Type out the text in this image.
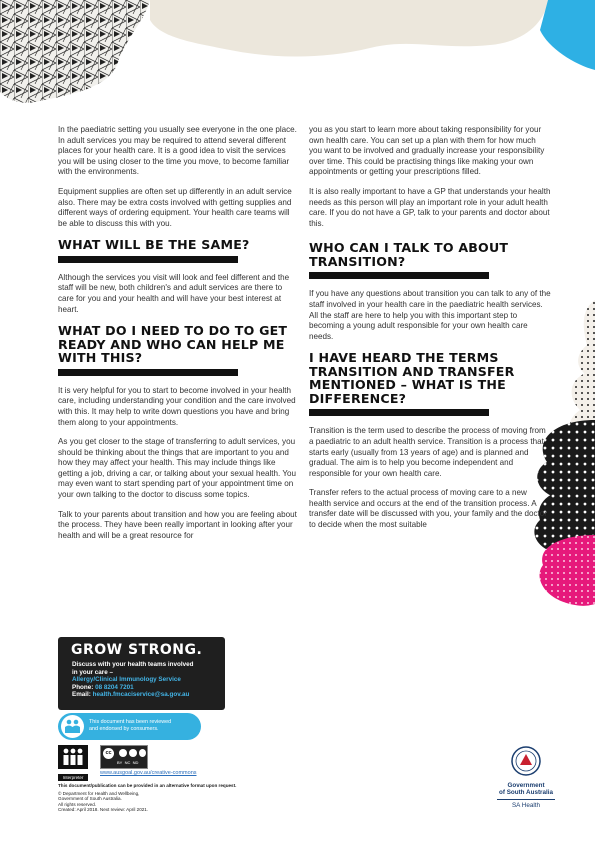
In the paediatric setting you usually see everyone in the one place. In adult services you may be required to attend several different places for your health care. It is a good idea to visit the services you will be using closer to the time you move, to become familiar with the environments.

Equipment supplies are often set up differently in an adult service also. There may be extra costs involved with getting supplies and different ways of ordering equipment. Your health care teams will be able to discuss this with you.

WHAT WILL BE THE SAME?

Although the services you visit will look and feel different and the staff will be new, both children's and adult services are there to care for you and your health and will have your best interest at heart.

WHAT DO I NEED TO DO TO GET READY AND WHO CAN HELP ME WITH THIS?

It is very helpful for you to start to become involved in your health care, including understanding your condition and the care involved with this. It may help to write down questions you have and bring them along to your appointments.

As you get closer to the stage of transferring to adult services, you should be thinking about the things that are important to you and how they may affect your health. This may include things like getting a job, driving a car, or talking about your sexual health. You may even want to start spending part of your appointment time on your own talking to the doctor to discuss some topics.

Talk to your parents about transition and how you are feeling about the process. They have been really important in looking after your health and will be a great resource for

you as you start to learn more about taking responsibility for your own health care. You can set up a plan with them for how much you want to be involved and gradually increase your responsibility over time. This could be practising things like making your own appointments or getting your prescriptions filled.

It is also really important to have a GP that understands your health needs as this person will play an important role in your adult health care. If you do not have a GP, talk to your parents and doctor about this.

WHO CAN I TALK TO ABOUT TRANSITION?

If you have any questions about transition you can talk to any of the staff involved in your health care in the paediatric health services. All the staff are here to help you with this important step to becoming a young adult responsible for your own health care needs.

I HAVE HEARD THE TERMS TRANSITION AND TRANSFER MENTIONED – WHAT IS THE DIFFERENCE?

Transition is the term used to describe the process of moving from a paediatric to an adult health service. Transition is a process that starts early (usually from 13 years of age) and is planned and gradual. The aim is to help you become independent and responsible for your own health care.

Transfer refers to the actual process of moving care to a new health service and occurs at the end of the transition process. A transfer date will be discussed with you, your family and the doctor to decide when the most suitable

GROW STRONG.
Discuss with your health teams involved
in your care –
Allergy/Clinical Immunology Service
Phone: 08 8204 7201
Email: health.fmcaciservice@sa.gov.au
This document has been reviewed
and endorsed by consumers.
Interpreter
cc
BY NC ND
www.ausgoal.gov.au/creative-commons
This document/publication can be provided in an alternative format upon request.
© Department for Health and Wellbeing,
Government of South Australia.
All rights reserved.
Created: April 2018. Next review: April 2021.
Government
of South Australia
SA Health
